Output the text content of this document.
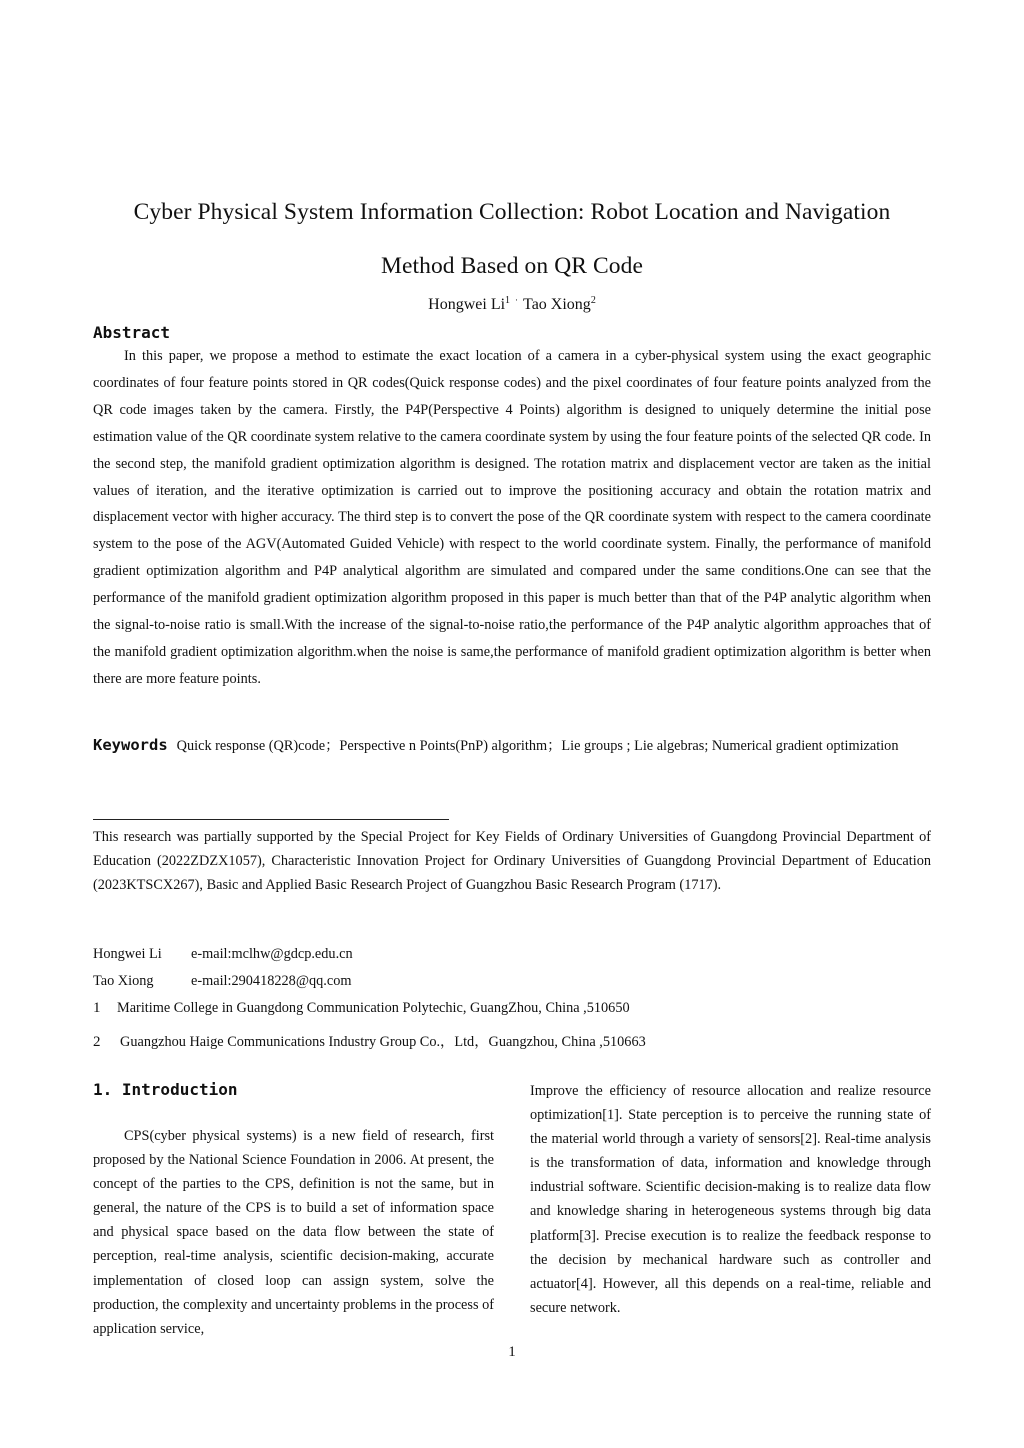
Cyber Physical System Information Collection: Robot Location and Navigation
Method Based on QR Code
Hongwei Li$^1$ · Tao Xiong$^2$
Abstract
In this paper, we propose a method to estimate the exact location of a camera in a cyber-physical system using the exact geographic coordinates of four feature points stored in QR codes(Quick response codes) and the pixel coordinates of four feature points analyzed from the QR code images taken by the camera. Firstly, the P4P(Perspective 4 Points) algorithm is designed to uniquely determine the initial pose estimation value of the QR coordinate system relative to the camera coordinate system by using the four feature points of the selected QR code. In the second step, the manifold gradient optimization algorithm is designed. The rotation matrix and displacement vector are taken as the initial values of iteration, and the iterative optimization is carried out to improve the positioning accuracy and obtain the rotation matrix and displacement vector with higher accuracy. The third step is to convert the pose of the QR coordinate system with respect to the camera coordinate system to the pose of the AGV(Automated Guided Vehicle) with respect to the world coordinate system. Finally, the performance of manifold gradient optimization algorithm and P4P analytical algorithm are simulated and compared under the same conditions.One can see that the performance of the manifold gradient optimization algorithm proposed in this paper is much better than that of the P4P analytic algorithm when the signal-to-noise ratio is small.With the increase of the signal-to-noise ratio,the performance of the P4P analytic algorithm approaches that of the manifold gradient optimization algorithm.when the noise is same,the performance of manifold gradient optimization algorithm is better when there are more feature points.
Keywords Quick response (QR)code；Perspective n Points(PnP) algorithm；Lie groups ; Lie algebras; Numerical gradient optimization
This research was partially supported by the Special Project for Key Fields of Ordinary Universities of Guangdong Provincial Department of Education (2022ZDZX1057), Characteristic Innovation Project for Ordinary Universities of Guangdong Provincial Department of Education (2023KTSCX267), Basic and Applied Basic Research Project of Guangzhou Basic Research Program (1717).
Hongwei Li e-mail:mclhw@gdcp.edu.cn
Tao Xiong	e-mail:290418228@qq.com
1 Maritime College in Guangdong Communication Polytechic, GuangZhou, China ,510650
2 Guangzhou Haige Communications Industry Group Co.，Ltd，Guangzhou, China ,510663
1. Introduction
CPS(cyber physical systems) is a new field of research, first proposed by the National Science Foundation in 2006. At present, the concept of the parties to the CPS, definition is not the same, but in general, the nature of the CPS is to build a set of information space and physical space based on the data flow between the state of perception, real-time analysis, scientific decision-making, accurate implementation of closed loop can assign system, solve the production, the complexity and uncertainty problems in the process of application service,
Improve the efficiency of resource allocation and realize resource optimization[1]. State perception is to perceive the running state of the material world through a variety of sensors[2]. Real-time analysis is the transformation of data, information and knowledge through industrial software. Scientific decision-making is to realize data flow and knowledge sharing in heterogeneous systems through big data platform[3]. Precise execution is to realize the feedback response to the decision by mechanical hardware such as controller and actuator[4]. However, all this depends on a real-time, reliable and secure network.
1
